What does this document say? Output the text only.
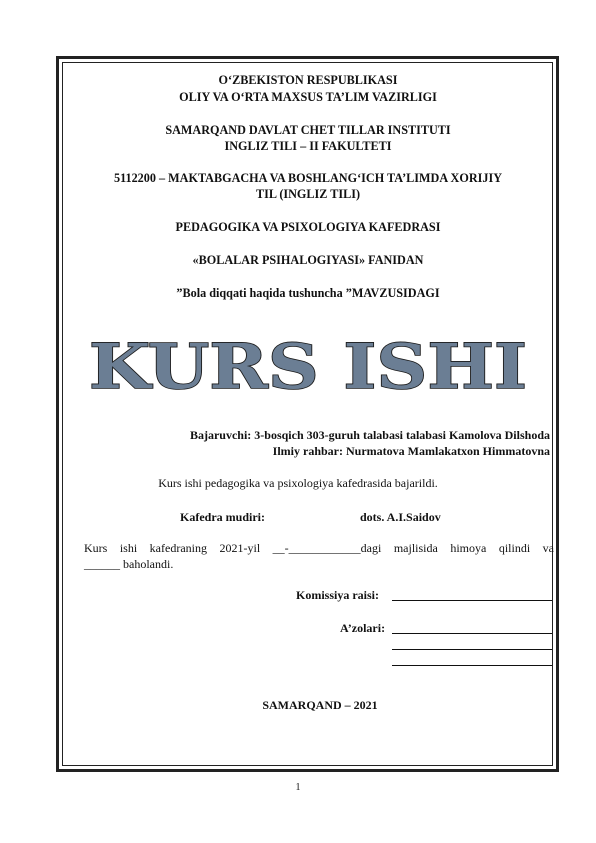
O‘ZBEKISTON RESPUBLIKASI
OLIY VA O‘RTA MAXSUS TA’LIM VAZIRLIGI
SAMARQAND DAVLAT CHET TILLAR INSTITUTI
INGLIZ TILI – II FAKULTETI
5112200 – MAKTABGACHA VA BOSHLANG‘ICH TA’LIMDA XORIJIY
TIL (INGLIZ TILI)
PEDAGOGIKA VA PSIXOLOGIYA KAFEDRASI
«BOLALAR PSIHALOGIYASI» FANIDAN
”Bola diqqati haqida tushuncha ”MAVZUSIDAGI
KURS ISHI
Bajaruvchi: 3-bosqich 303-guruh talabasi talabasi Kamolova Dilshoda
Ilmiy rahbar: Nurmatova Mamlakatxon Himmatovna
Kurs ishi pedagogika va psixologiya kafedrasida bajarildi.
Kafedra mudiri:	dots. A.I.Saidov
Kurs ishi kafedraning 2021-yil __-____________dagi majlisida himoya qilindi va
______ baholandi.
Komissiya raisi:
A’zolari:
SAMARQAND – 2021
1
